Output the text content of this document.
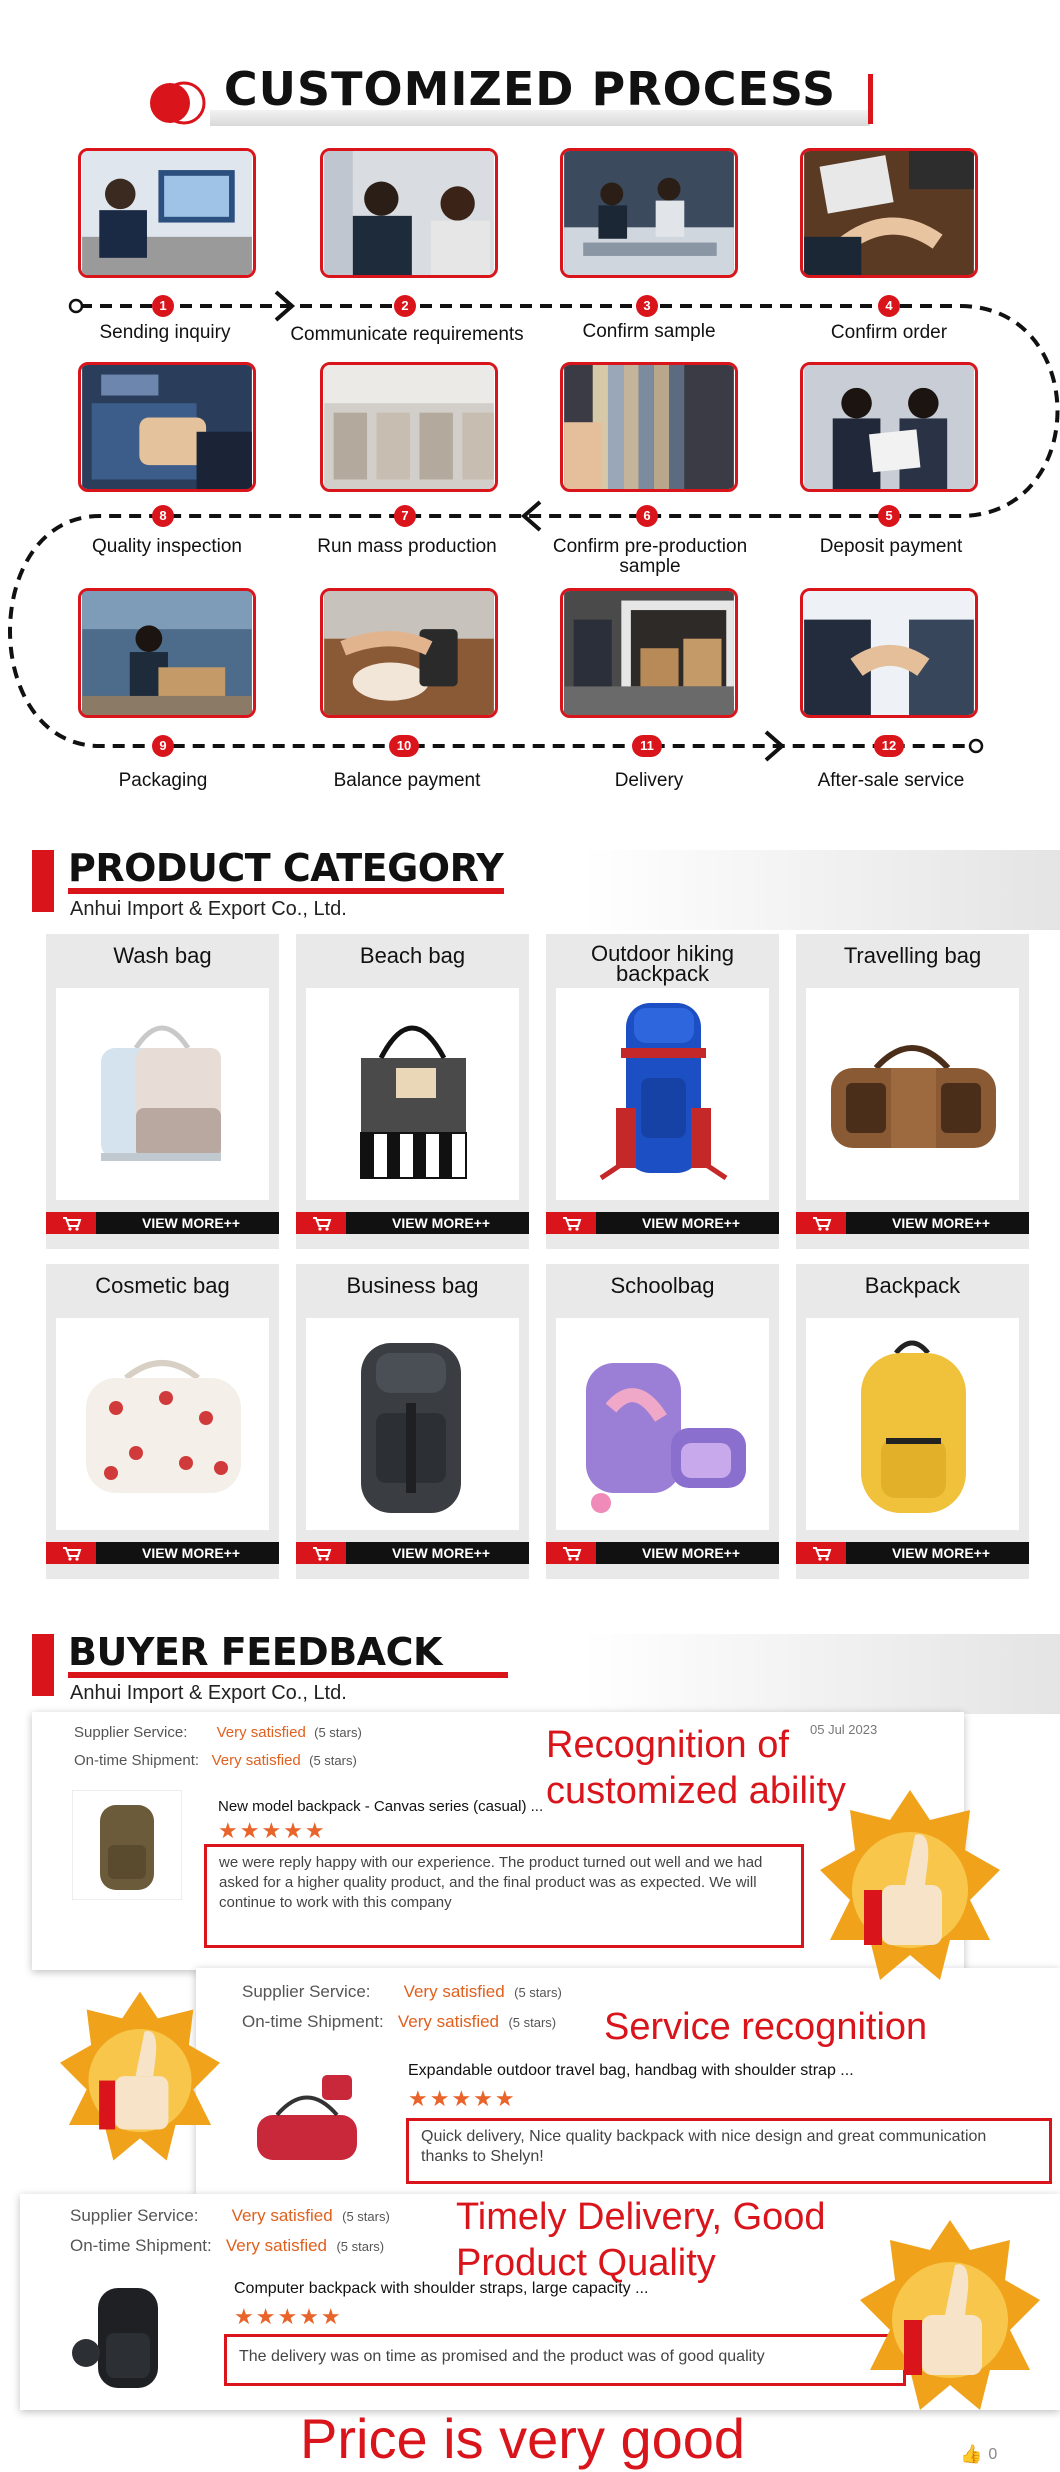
CUSTOMIZED PROCESS
1	2	3	4
Sending inquiry	Communicate requirements	Confirm sample	Confirm order
8	7	6	5
Quality inspection	Run mass production	Confirm pre-production sample
Deposit payment
9	10	11	12
Packaging	Balance payment	Delivery	After-sale service
PRODUCT CATEGORY
Anhui Import & Export Co., Ltd.
Wash bag
VIEW MORE++
Beach bag
VIEW MORE++
Outdoor hiking backpack
VIEW MORE++
Travelling bag
VIEW MORE++
Cosmetic bag
VIEW MORE++
Business bag
VIEW MORE++
Schoolbag
VIEW MORE++
Backpack
VIEW MORE++
BUYER FEEDBACK
Anhui Import & Export Co., Ltd.
Supplier Service: Very satisfied (5 stars)
On-time Shipment: Very satisfied (5 stars)
05 Jul 2023
New model backpack - Canvas series (casual) ...
★★★★★
we were reply happy with our experience. The product turned out well and we had asked for a higher quality product, and the final product was as expected. We will continue to work with this company
Recognition of customized ability
Supplier Service: Very satisfied (5 stars)
On-time Shipment: Very satisfied (5 stars) Service recognition
Expandable outdoor travel bag, handbag with shoulder strap ...
★★★★★
Quick delivery, Nice quality backpack with nice design and great communication thanks to Shelyn!
Supplier Service: Very satisfied (5 stars)
On-time Shipment: Very satisfied (5 stars)
Timely Delivery, Good Product Quality
Computer backpack with shoulder straps, large capacity ...
★★★★★
The delivery was on time as promised and the product was of good quality
Price is very good	👍 0
